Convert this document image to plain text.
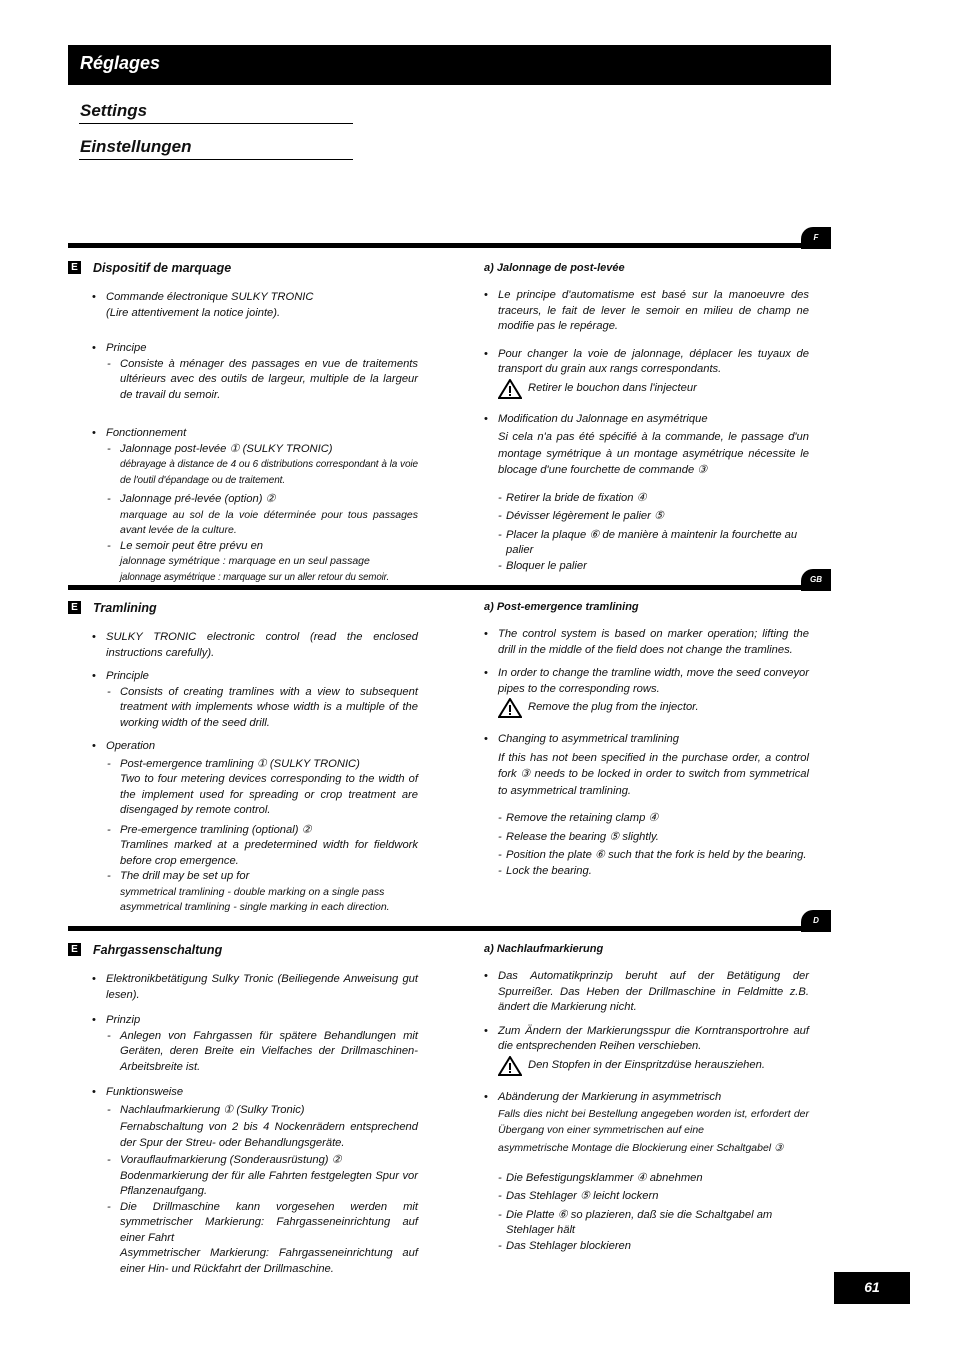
Réglages
Settings
Einstellungen
F
E Dispositif de marquage
• Commande électronique SULKY TRONIC
(Lire attentivement la notice jointe).
• Principe
- Consiste à ménager des passages en vue de traitements ultérieurs avec des outils de largeur, multiple de la largeur de travail du semoir.
• Fonctionnement
- Jalonnage post-levée ① (SULKY TRONIC)
débrayage à distance de 4 ou 6 distributions correspondant à la voie de l'outil d'épandage ou de traitement.
- Jalonnage pré-levée (option) ②
marquage au sol de la voie déterminée pour tous passages avant levée de la culture.
- Le semoir peut être prévu en
jalonnage symétrique : marquage en un seul passage
jalonnage asymétrique : marquage sur un aller retour du semoir.
a) Jalonnage de post-levée
• Le principe d'automatisme est basé sur la manoeuvre des traceurs, le fait de lever le semoir en milieu de champ ne modifie pas le repérage.
• Pour changer la voie de jalonnage, déplacer les tuyaux de transport du grain aux rangs correspondants.
Retirer le bouchon dans l'injecteur
• Modification du Jalonnage en asymétrique
Si cela n'a pas été spécifié à la commande, le passage d'un montage symétrique à un montage asymétrique nécessite le blocage d'une fourchette de commande ③
- Retirer la bride de fixation ④
- Dévisser légèrement le palier ⑤
- Placer la plaque ⑥ de manière à maintenir la fourchette au palier
- Bloquer le palier
GB
E Tramlining
• SULKY TRONIC electronic control (read the enclosed instructions carefully).
• Principle
- Consists of creating tramlines with a view to subsequent treatment with implements whose width is a multiple of the working width of the seed drill.
• Operation
- Post-emergence tramlining ① (SULKY TRONIC)
Two to four metering devices corresponding to the width of the implement used for spreading or crop treatment are disengaged by remote control.
- Pre-emergence tramlining (optional) ②
Tramlines marked at a predetermined width for fieldwork before crop emergence.
- The drill may be set up for
symmetrical tramlining - double marking on a single pass
asymmetrical tramlining - single marking in each direction.
a) Post-emergence tramlining
• The control system is based on marker operation; lifting the drill in the middle of the field does not change the tramlines.
• In order to change the tramline width, move the seed conveyor pipes to the corresponding rows.
Remove the plug from the injector.
• Changing to asymmetrical tramlining
If this has not been specified in the purchase order, a control fork ③ needs to be locked in order to switch from symmetrical to asymmetrical tramlining.
- Remove the retaining clamp ④
- Release the bearing ⑤ slightly.
- Position the plate ⑥ such that the fork is held by the bearing.
- Lock the bearing.
D
E Fahrgassenschaltung
• Elektronikbetätigung Sulky Tronic (Beiliegende Anweisung gut lesen).
• Prinzip
- Anlegen von Fahrgassen für spätere Behandlungen mit Geräten, deren Breite ein Vielfaches der Drillmaschinen-Arbeitsbreite ist.
• Funktionsweise
- Nachlaufmarkierung ① (Sulky Tronic)
Fernabschaltung von 2 bis 4 Nockenrädern entsprechend der Spur der Streu- oder Behandlungsgeräte.
- Vorauflaufmarkierung (Sonderausrüstung) ②
Bodenmarkierung der für alle Fahrten festgelegten Spur vor Pflanzenaufgang.
- Die Drillmaschine kann vorgesehen werden mit symmetrischer Markierung: Fahrgasseneinrichtung auf einer Fahrt
Asymmetrischer Markierung: Fahrgasseneinrichtung auf einer Hin- und Rückfahrt der Drillmaschine.
a) Nachlaufmarkierung
• Das Automatikprinzip beruht auf der Betätigung der Spurreißer. Das Heben der Drillmaschine in Feldmitte z.B. ändert die Markierung nicht.
• Zum Ändern der Markierungsspur die Korntransportrohre auf die entsprechenden Reihen verschieben.
Den Stopfen in der Einspritzdüse herausziehen.
• Abänderung der Markierung in asymmetrisch
Falls dies nicht bei Bestellung angegeben worden ist, erfordert der Übergang von einer symmetrischen auf eine
asymmetrische Montage die Blockierung einer Schaltgabel ③
- Die Befestigungsklammer ④ abnehmen
- Das Stehlager ⑤ leicht lockern
- Die Platte ⑥ so plazieren, daß sie die Schaltgabel am Stehlager hält
- Das Stehlager blockieren
61
